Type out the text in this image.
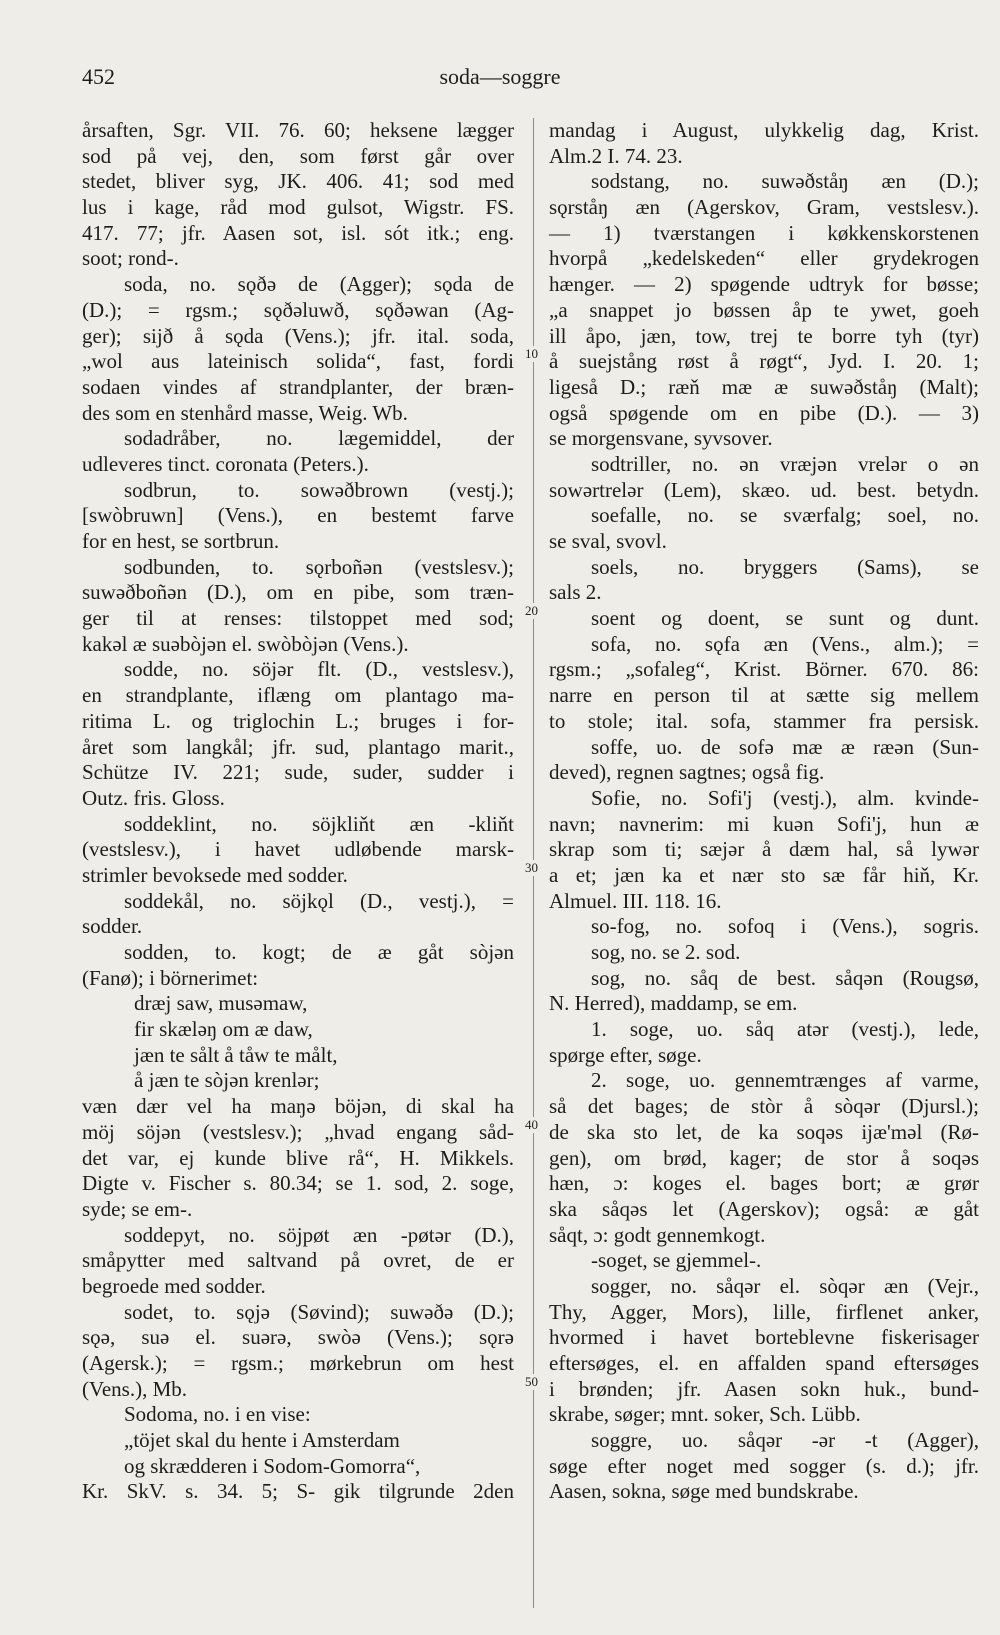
452	soda—soggre
årsaften, Sgr. VII. 76. 60; heksene lægger
sod på vej, den, som først går over
stedet, bliver syg, JK. 406. 41; sod med
lus i kage, råd mod gulsot, Wigstr. FS.
417. 77; jfr. Aasen sot, isl. sót itk.; eng.
soot; rond-.
soda, no. sǫðə de (Agger); sǫda de
(D.); = rgsm.; sǫðəluwð, sǫðəwan (Ag-
ger); sijð å sǫda (Vens.); jfr. ital. soda,
„wol aus lateinisch solida“, fast, fordi
sodaen vindes af strandplanter, der bræn-
des som en stenhård masse, Weig. Wb.
sodadråber, no. lægemiddel, der
udleveres tinct. coronata (Peters.).
sodbrun, to. sowəðbrown (vestj.);
[swòbruwn] (Vens.), en bestemt farve
for en hest, se sortbrun.
sodbunden, to. sǫrboñən (vestslesv.);
suwəðboñən (D.), om en pibe, som træn-
ger til at renses: tilstoppet med sod;
kakəl æ suəbòjən el. swòbòjən (Vens.).
sodde, no. söjər flt. (D., vestslesv.),
en strandplante, iflæng om plantago ma-
ritima L. og triglochin L.; bruges i for-
året som langkål; jfr. sud, plantago marit.,
Schütze IV. 221; sude, suder, sudder i
Outz. fris. Gloss.
soddeklint, no. söjkliňt æn -kliňt
(vestslesv.), i havet udløbende marsk-
strimler bevoksede med sodder.
soddekål, no. söjkǫl (D., vestj.), =
sodder.
sodden, to. kogt; de æ gåt sòjən
(Fanø); i börnerimet:
dræj saw, musəmaw,
fir skæləŋ om æ daw,
jæn te sålt å tåw te målt,
å jæn te sòjən krenlər;
væn dær vel ha maŋə böjən, di skal ha
möj söjən (vestslesv.); „hvad engang såd-
det var, ej kunde blive rå“, H. Mikkels.
Digte v. Fischer s. 80.34; se 1. sod, 2. soge,
syde; se em-.
soddepyt, no. söjpøt æn -pøtər (D.),
småpytter med saltvand på ovret, de er
begroede med sodder.
sodet, to. sǫjə (Søvind); suwəðə (D.);
sǫə, suə el. suərə, swòə (Vens.); sǫrə
(Agersk.); = rgsm.; mørkebrun om hest
(Vens.), Mb.
Sodoma, no. i en vise:
„töjet skal du hente i Amsterdam
og skrædderen i Sodom-Gomorra“,
Kr. SkV. s. 34. 5; S- gik tilgrunde 2den
10
20
30
40
50
mandag i August, ulykkelig dag, Krist.
Alm.2 I. 74. 23.
sodstang, no. suwəðståŋ æn (D.);
sǫrståŋ æn (Agerskov, Gram, vestslesv.).
— 1) tværstangen i køkkenskorstenen
hvorpå „kedelskeden“ eller grydekrogen
hænger. — 2) spøgende udtryk for bøsse;
„a snappet jo bøssen åp te ywet, goeh
ill åpo, jæn, tow, trej te borre tyh (tyr)
å suejstång røst å røgt“, Jyd. I. 20. 1;
ligeså D.; ræň mæ æ suwəðståŋ (Malt);
også spøgende om en pibe (D.). — 3)
se morgensvane, syvsover.
sodtriller, no. ən vræjən vrelər o ən
sowərtrelər (Lem), skæo. ud. best. betydn.
soefalle, no. se sværfalg; soel, no.
se sval, svovl.
soels, no. bryggers (Sams), se
sals 2.
soent og doent, se sunt og dunt.
sofa, no. sǫfa æn (Vens., alm.); =
rgsm.; „sofaleg“, Krist. Börner. 670. 86:
narre en person til at sætte sig mellem
to stole; ital. sofa, stammer fra persisk.
soffe, uo. de sofə mæ æ ræən (Sun-
deved), regnen sagtnes; også fig.
Sofie, no. Sofi'j (vestj.), alm. kvinde-
navn; navnerim: mi kuən Sofi'j, hun æ
skrap som ti; sæjər å dæm hal, så lywər
a et; jæn ka et nær sto sæ får hiň, Kr.
Almuel. III. 118. 16.
so-fog, no. sofoq i (Vens.), sogris.
sog, no. se 2. sod.
sog, no. såq de best. såqən (Rougsø,
N. Herred), maddamp, se em.
1. soge, uo. såq atər (vestj.), lede,
spørge efter, søge.
2. soge, uo. gennemtrænges af varme,
så det bages; de stòr å sòqər (Djursl.);
de ska sto let, de ka soqəs ijæ'məl (Rø-
gen), om brød, kager; de stor å soqəs
hæn, ɔ: koges el. bages bort; æ grør
ska såqəs let (Agerskov); også: æ gåt
såqt, ɔ: godt gennemkogt.
-soget, se gjemmel-.
sogger, no. såqər el. sòqər æn (Vejr.,
Thy, Agger, Mors), lille, firflenet anker,
hvormed i havet borteblevne fiskerisager
eftersøges, el. en affalden spand eftersøges
i brønden; jfr. Aasen sokn huk., bund-
skrabe, søger; mnt. soker, Sch. Lübb.
soggre, uo. såqər -ər -t (Agger),
søge efter noget med sogger (s. d.); jfr.
Aasen, sokna, søge med bundskrabe.
